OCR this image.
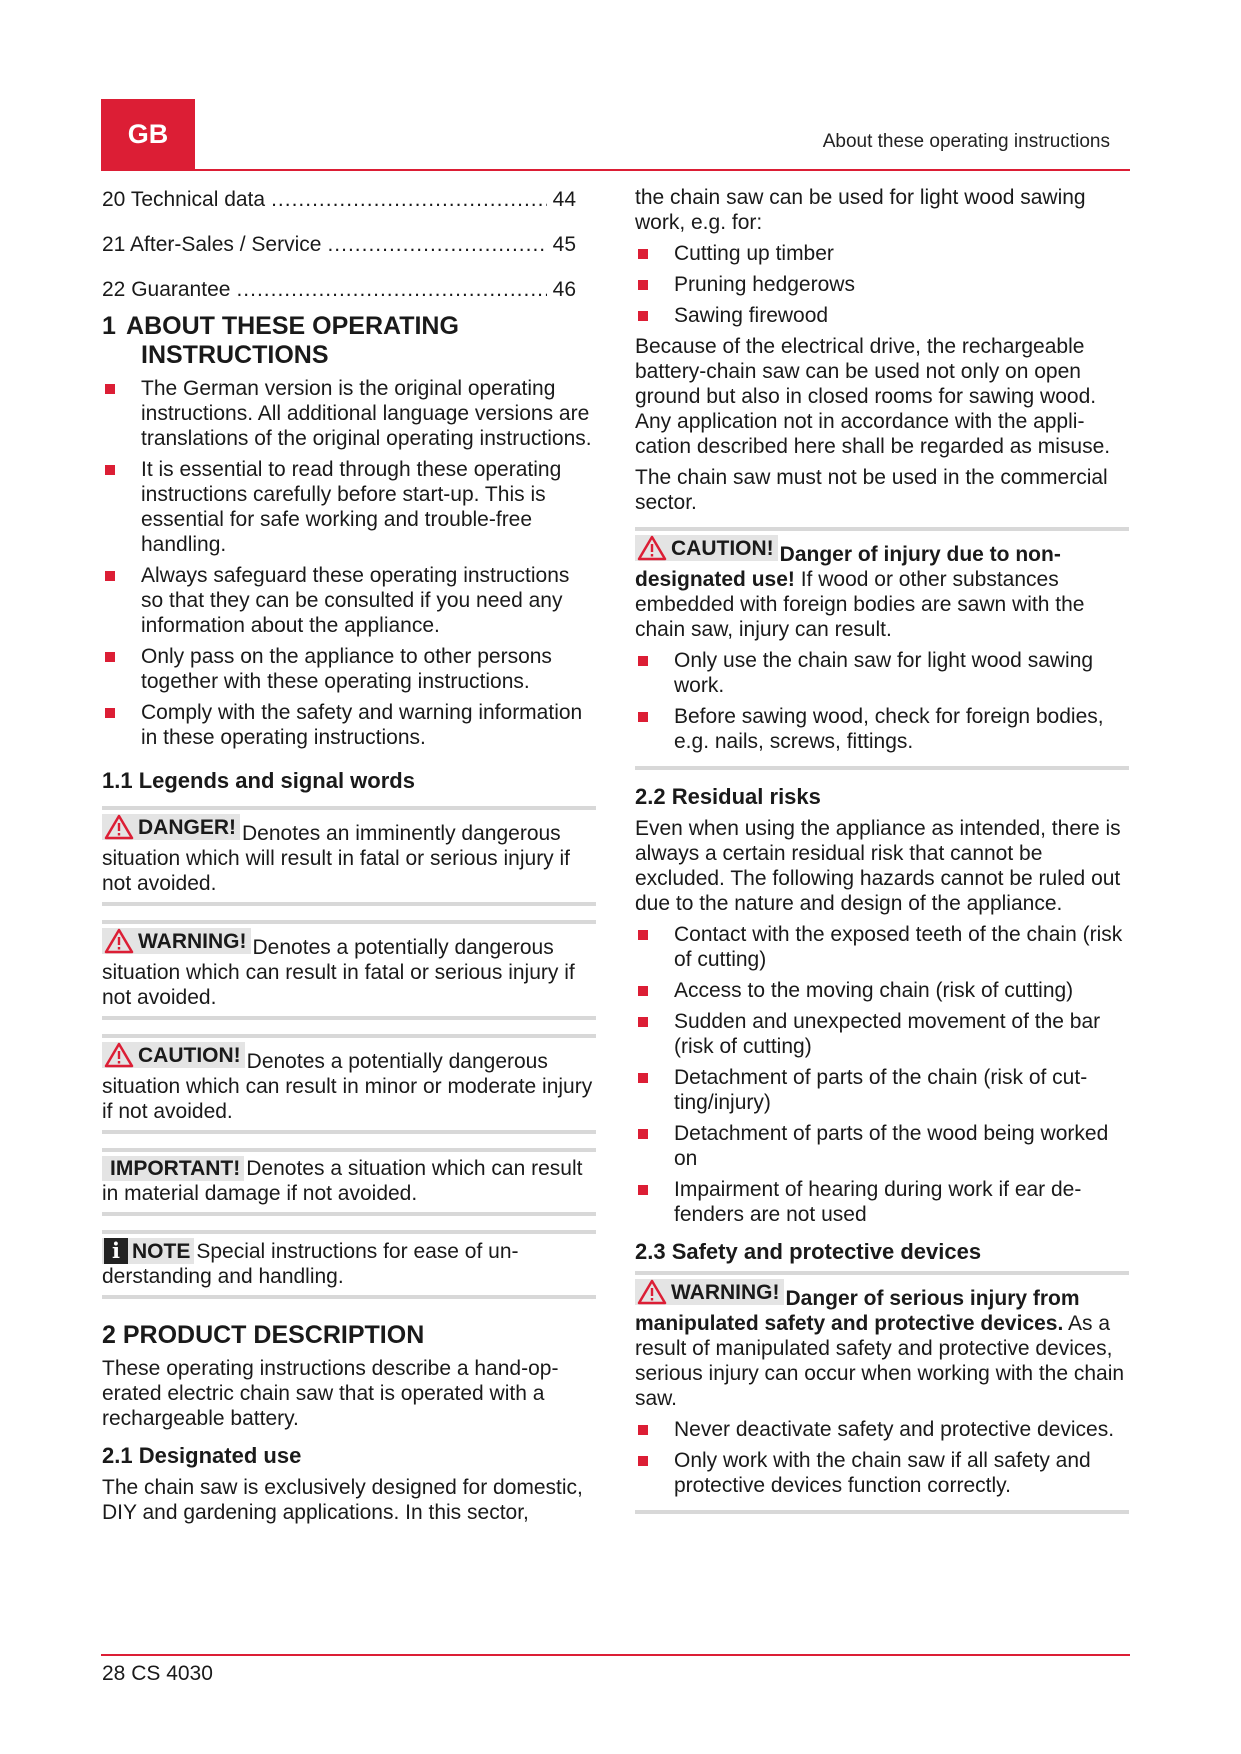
GB	About these operating instructions
20 Technical data .....	44
21 After-Sales / Service .....	45
22 Guarantee .....	46
1 ABOUT THESE OPERATING
INSTRUCTIONS
The German version is the original operating instructions. All additional language versions are translations of the original operating instructions.
It is essential to read through these operating instructions carefully before start-up. This is essential for safe working and trouble-free handling.
Always safeguard these operating instructions so that they can be consulted if you need any information about the appliance.
Only pass on the appliance to other persons together with these operating instructions.
Comply with the safety and warning information in these operating instructions.
1.1 Legends and signal words
DANGER! Denotes an imminently dangerous situation which will result in fatal or serious injury if not avoided.
WARNING! Denotes a potentially dangerous situation which can result in fatal or serious injury if not avoided.
CAUTION! Denotes a potentially dangerous situation which can result in minor or moderate injury if not avoided.
IMPORTANT! Denotes a situation which can result in material damage if not avoided.
i NOTE Special instructions for ease of understanding and handling.
2 PRODUCT DESCRIPTION

These operating instructions describe a hand-operated electric chain saw that is operated with a rechargeable battery.

2.1 Designated use

The chain saw is exclusively designed for domestic, DIY and gardening applications. In this sector,

the chain saw can be used for light wood sawing work, e.g. for:

Cutting up timber
Pruning hedgerows
Sawing firewood

Because of the electrical drive, the rechargeable battery-chain saw can be used not only on open ground but also in closed rooms for sawing wood. Any application not in accordance with the application described here shall be regarded as misuse.

The chain saw must not be used in the commercial sector.

CAUTION! Danger of injury due to non-designated use! If wood or other substances embedded with foreign bodies are sawn with the chain saw, injury can result.
Only use the chain saw for light wood sawing work.
Before sawing wood, check for foreign bodies, e.g. nails, screws, fittings.
2.2 Residual risks

Even when using the appliance as intended, there is always a certain residual risk that cannot be excluded. The following hazards cannot be ruled out due to the nature and design of the appliance.

Contact with the exposed teeth of the chain (risk of cutting)
Access to the moving chain (risk of cutting)
Sudden and unexpected movement of the bar (risk of cutting)
Detachment of parts of the chain (risk of cutting/injury)
Detachment of parts of the wood being worked on
Impairment of hearing during work if ear defenders are not used
2.3 Safety and protective devices
WARNING! Danger of serious injury from manipulated safety and protective devices. As a result of manipulated safety and protective devices, serious injury can occur when working with the chain saw.
Never deactivate safety and protective devices.
Only work with the chain saw if all safety and protective devices function correctly.
28 CS 4030
